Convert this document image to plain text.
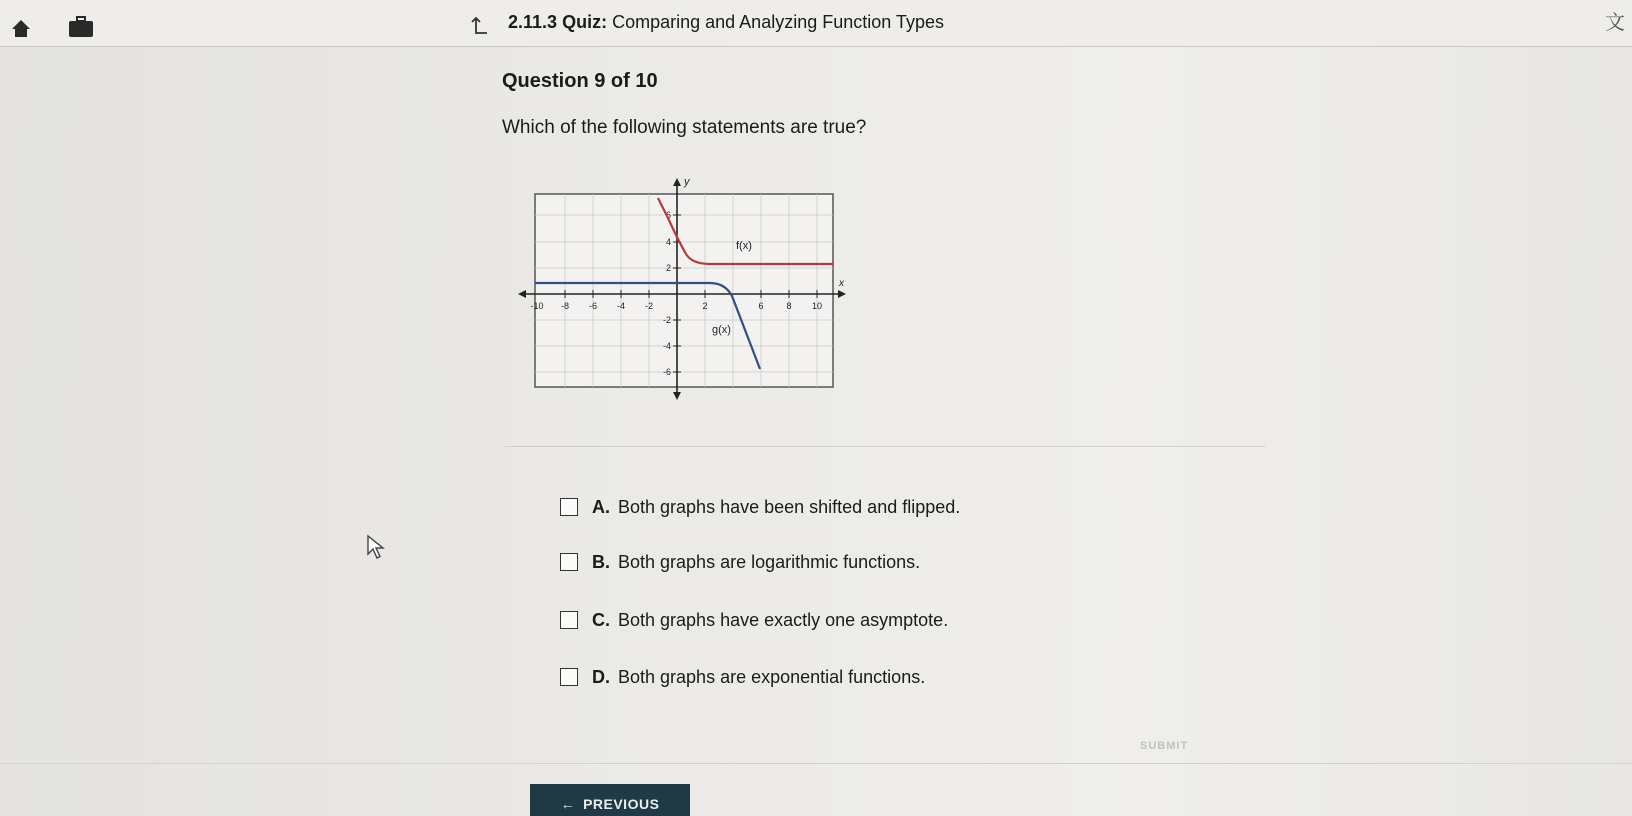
2.11.3 Quiz: Comparing and Analyzing Function Types	文
Question 9 of 10
Which of the following statements are true?
y
x
-10 -8 -6 -4 -2	2	6	8 10
6
4
2
-2
-4
-6
f(x)
g(x)
A. Both graphs have been shifted and flipped.
B. Both graphs are logarithmic functions.
C. Both graphs have exactly one asymptote.
D. Both graphs are exponential functions.
SUBMIT
← PREVIOUS
